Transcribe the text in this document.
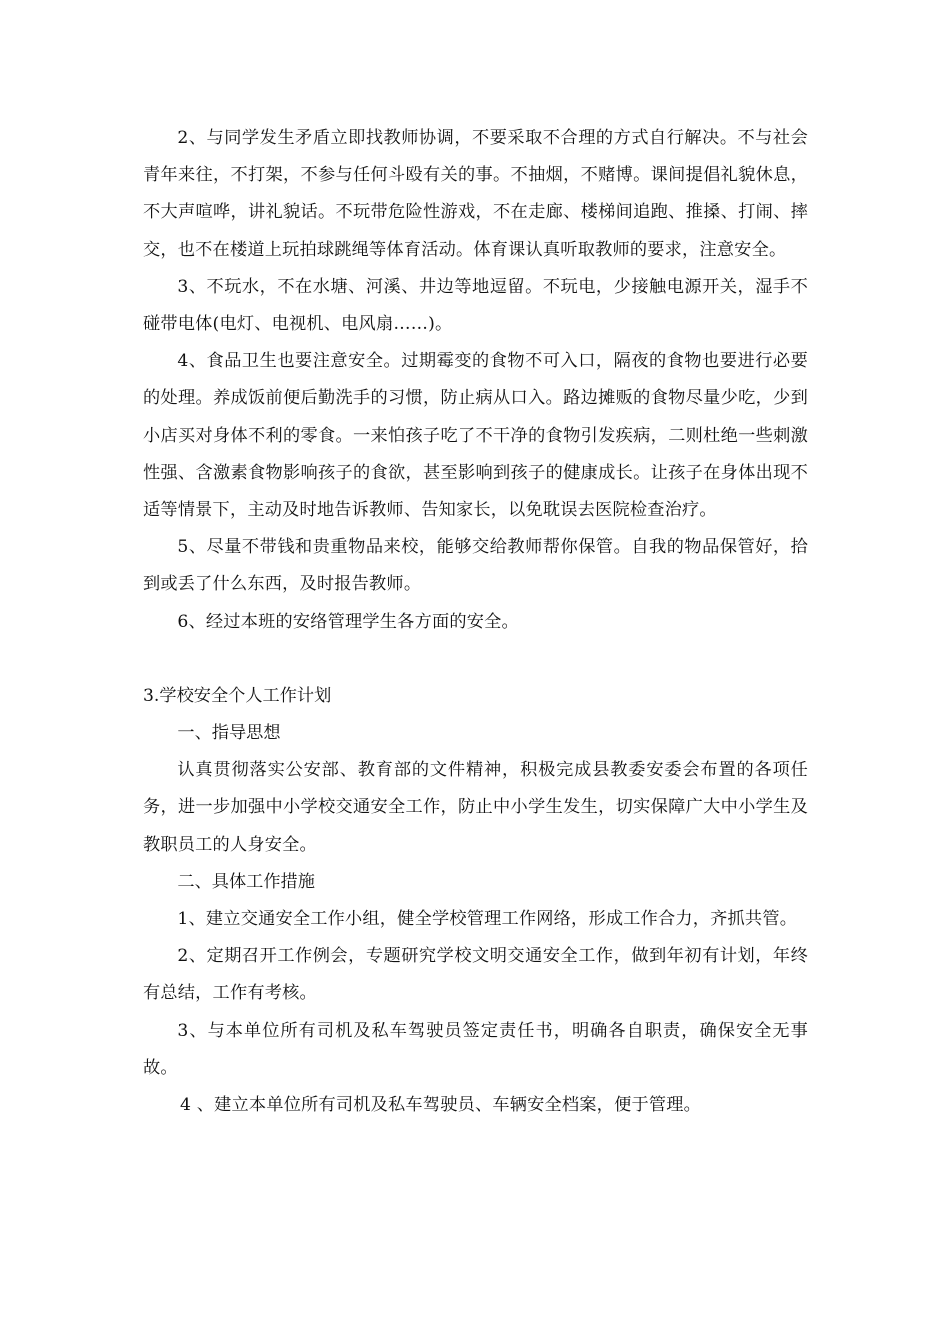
2、与同学发生矛盾立即找教师协调，不要采取不合理的方式自行解决。不与社会青年来往，不打架，不参与任何斗殴有关的事。不抽烟，不赌博。课间提倡礼貌休息，不大声喧哗，讲礼貌话。不玩带危险性游戏，不在走廊、楼梯间追跑、推搡、打闹、摔交，也不在楼道上玩拍球跳绳等体育活动。体育课认真听取教师的要求，注意安全。

3、不玩水，不在水塘、河溪、井边等地逗留。不玩电，少接触电源开关，湿手不碰带电体(电灯、电视机、电风扇……)。

4、食品卫生也要注意安全。过期霉变的食物不可入口，隔夜的食物也要进行必要的处理。养成饭前便后勤洗手的习惯，防止病从口入。路边摊贩的食物尽量少吃，少到小店买对身体不利的零食。一来怕孩子吃了不干净的食物引发疾病，二则杜绝一些刺激性强、含激素食物影响孩子的食欲，甚至影响到孩子的健康成长。让孩子在身体出现不适等情景下，主动及时地告诉教师、告知家长，以免耽误去医院检查治疗。

5、尽量不带钱和贵重物品来校，能够交给教师帮你保管。自我的物品保管好，拾到或丢了什么东西，及时报告教师。

6、经过本班的安络管理学生各方面的安全。

3.学校安全个人工作计划

一、指导思想

认真贯彻落实公安部、教育部的文件精神，积极完成县教委安委会布置的各项任务，进一步加强中小学校交通安全工作，防止中小学生发生，切实保障广大中小学生及教职员工的人身安全。

二、具体工作措施

1、建立交通安全工作小组，健全学校管理工作网络，形成工作合力，齐抓共管。

2、定期召开工作例会，专题研究学校文明交通安全工作，做到年初有计划，年终有总结，工作有考核。

3、与本单位所有司机及私车驾驶员签定责任书，明确各自职责，确保安全无事故。

4 、建立本单位所有司机及私车驾驶员、车辆安全档案，便于管理。
